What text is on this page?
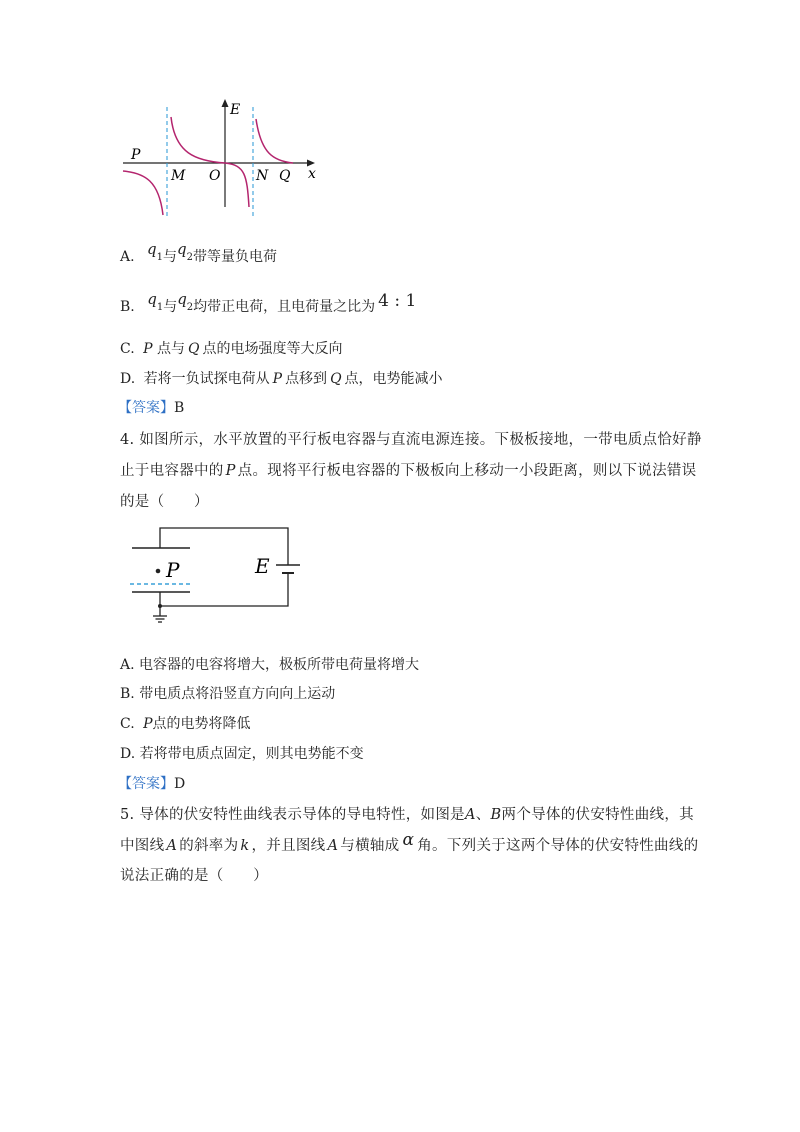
E
P
M O	N Q x
A. $q_1$与$q_2$带等量负电荷
B. $q_1$与$q_2$均带正电荷，且电荷量之比为 4 : 1
C. P 点与 Q 点的电场强度等大反向
D. 若将一负试探电荷从 P 点移到 Q 点，电势能减小
【答案】B
4. 如图所示，水平放置的平行板电容器与直流电源连接。下极板接地，一带电质点恰好静
止于电容器中的 P 点。现将平行板电容器的下极板向上移动一小段距离，则以下说法错误
的是（　　）
P	E
A. 电容器的电容将增大，极板所带电荷量将增大
B. 带电质点将沿竖直方向向上运动
C. P点的电势将降低
D. 若将带电质点固定，则其电势能不变
【答案】D
5. 导体的伏安特性曲线表示导体的导电特性，如图是A、B两个导体的伏安特性曲线，其
中图线 A 的斜率为 k ，并且图线 A 与横轴成 α 角。下列关于这两个导体的伏安特性曲线的
说法正确的是（　　）
